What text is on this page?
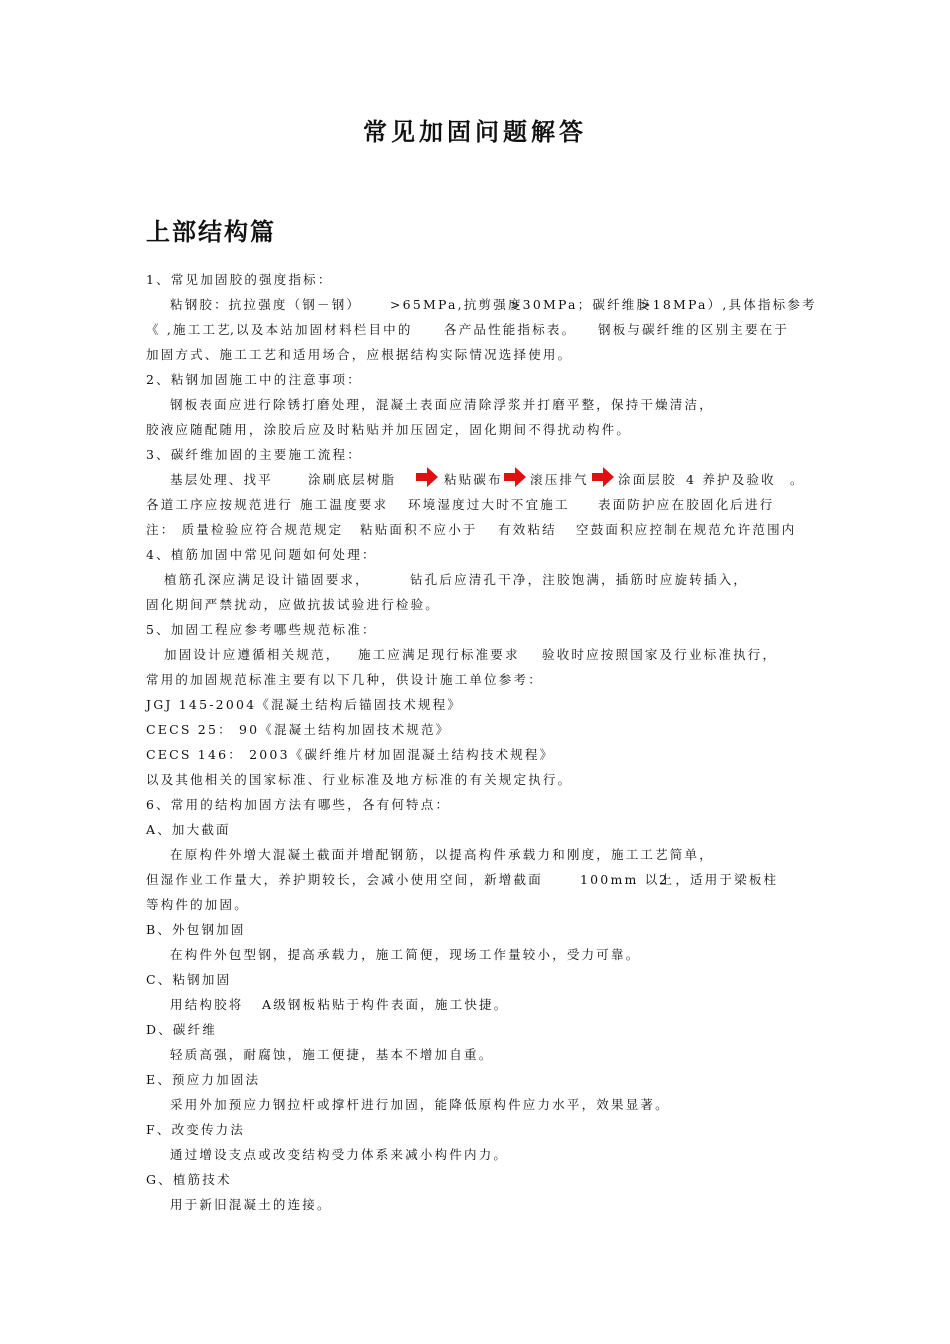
常见加固问题解答
上部结构篇
1、常见加固胶的强度指标：
粘钢胶：抗拉强度（钢－钢） >65MPa,抗剪强度
>30MPa；碳纤维胶
>18MPa）,具体指标参考
《 ,施工工艺
,以及本站加固材料栏目中的	各产品性能指标表。 钢板与碳纤维的区别主要在于
加固方式、施工工艺和适用场合，应根据结构实际情况选择使用。
2、粘钢加固施工中的注意事项：
钢板表面应进行除锈打磨处理，混凝土表面应清除浮浆并打磨平整，保持干燥清洁，
胶液应随配随用，涂胶后应及时粘贴并加压固定，固化期间不得扰动构件。
3、碳纤维加固的主要施工流程：
基层处理、找平	涂刷底层树脂	粘贴碳布 滚压排气 涂面层胶 4 养护及验收 。
各道工序应按规范进行 施工温度要求 环境湿度过大时不宜施工 表面防护应在胶固化后进行
注： 质量检验应符合规范规定 粘贴面积不应小于 有效粘结 空鼓面积应控制在规范允许范围内
4、植筋加固中常见问题如何处理：
植筋孔深应满足设计锚固要求，	钻孔后应清孔干净，注胶饱满，插筋时应旋转插入，
固化期间严禁扰动，应做抗拔试验进行检验。
5、加固工程应参考哪些规范标准：
加固设计应遵循相关规范， 施工应满足现行标准要求 验收时应按照国家及行业标准执行，
常用的加固规范标准主要有以下几种，供设计施工单位参考：
JGJ 145-2004《混凝土结构后锚固技术规程》
CECS 25： 90《混凝土结构加固技术规范》
CECS 146： 2003《碳纤维片材加固混凝土结构技术规程》
以及其他相关的国家标准、行业标准及地方标准的有关规定执行。
6、常用的结构加固方法有哪些，各有何特点：
A、加大截面
在原构件外增大混凝土截面并增配钢筋，以提高构件承载力和刚度，施工工艺简单，
但湿作业工作量大，养护期较长，会减小使用空间，新增截面	100mm 以上
2 ，适用于梁板柱
等构件的加固。
B、外包钢加固
在构件外包型钢，提高承载力，施工简便，现场工作量较小，受力可靠。
C、粘钢加固
用结构胶将 A级钢板粘贴于构件表面，施工快捷。
D、碳纤维
轻质高强，耐腐蚀，施工便捷，基本不增加自重。
E、预应力加固法
采用外加预应力钢拉杆或撑杆进行加固，能降低原构件应力水平，效果显著。
F、改变传力法
通过增设支点或改变结构受力体系来减小构件内力。
G、植筋技术
用于新旧混凝土的连接。
